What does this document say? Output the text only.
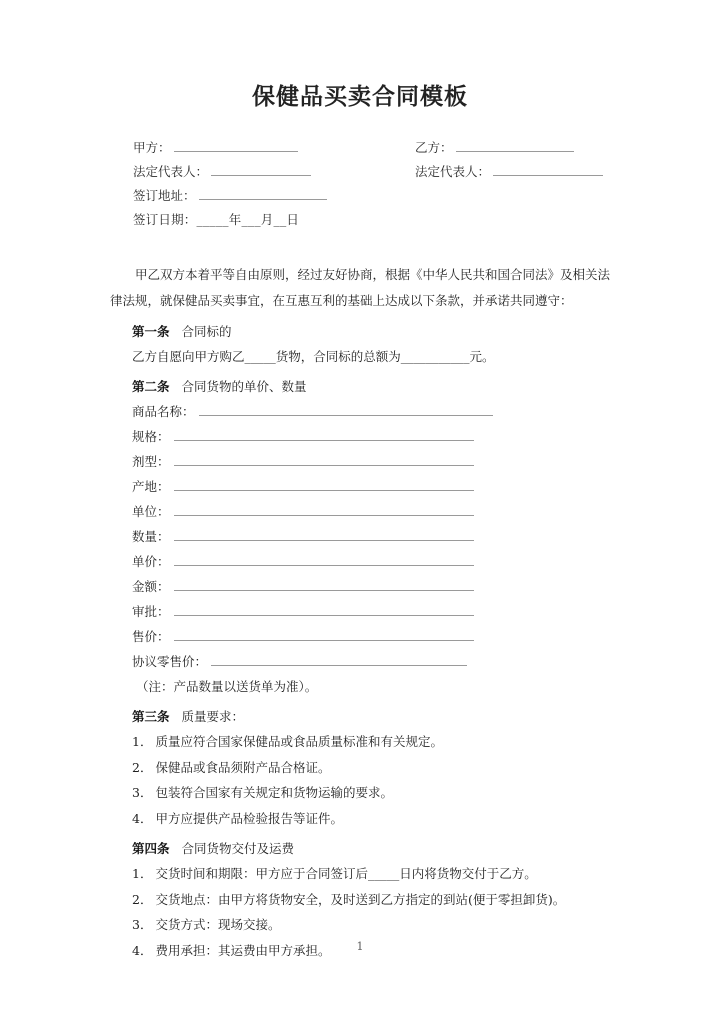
保健品买卖合同模板
甲方：	乙方：
法定代表人：	法定代表人：
签订地址：
签订日期：_____年___月__日

甲乙双方本着平等自由原则，经过友好协商，根据《中华人民共和国合同法》及相关法律法规，就保健品买卖事宜，在互惠互利的基础上达成以下条款，并承诺共同遵守：

第一条 合同标的

乙方自愿向甲方购乙_____货物，合同标的总额为___________元。

第二条 合同货物的单价、数量

商品名称：
规格：
剂型：
产地：
单位：
数量：
单价：
金额：
审批：
售价：
协议零售价：

（注：产品数量以送货单为准）。

第三条 质量要求：

1． 质量应符合国家保健品或食品质量标准和有关规定。

2． 保健品或食品须附产品合格证。

3． 包装符合国家有关规定和货物运输的要求。

4． 甲方应提供产品检验报告等证件。

第四条 合同货物交付及运费

1． 交货时间和期限：甲方应于合同签订后_____日内将货物交付于乙方。

2． 交货地点：由甲方将货物安全，及时送到乙方指定的到站(便于零担卸货)。

3． 交货方式：现场交接。

4． 费用承担：其运费由甲方承担。	1
